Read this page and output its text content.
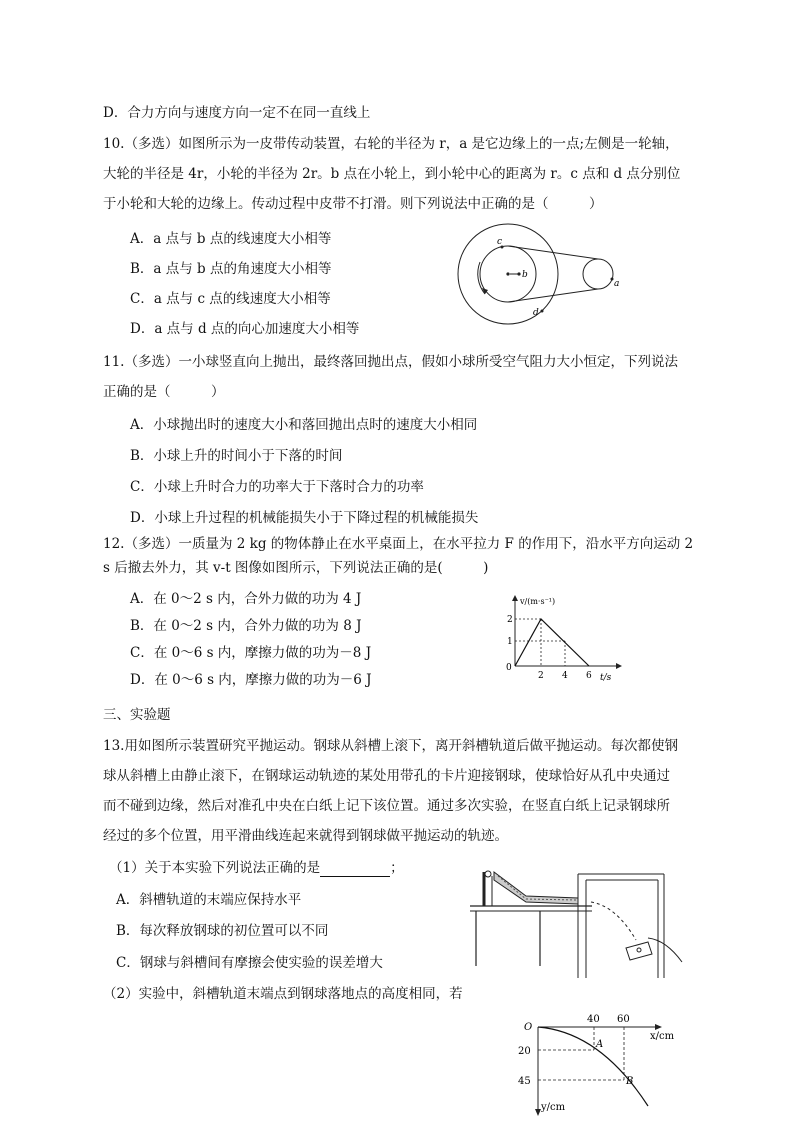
D．合力方向与速度方向一定不在同一直线上
10.（多选）如图所示为一皮带传动装置，右轮的半径为 r，a 是它边缘上的一点;左侧是一轮轴，
大轮的半径是 4r，小轮的半径为 2r。b 点在小轮上，到小轮中心的距离为 r。c 点和 d 点分别位
于小轮和大轮的边缘上。传动过程中皮带不打滑。则下列说法中正确的是（　　　）
A．a 点与 b 点的线速度大小相等
B．a 点与 b 点的角速度大小相等
C．a 点与 c 点的线速度大小相等
D．a 点与 d 点的向心加速度大小相等
b
c
a
d
11.（多选）一小球竖直向上抛出，最终落回抛出点，假如小球所受空气阻力大小恒定，下列说法
正确的是（　　　）
A．小球抛出时的速度大小和落回抛出点时的速度大小相同
B．小球上升的时间小于下落的时间
C．小球上升时合力的功率大于下落时合力的功率
D．小球上升过程的机械能损失小于下降过程的机械能损失
12.（多选）一质量为 2 kg 的物体静止在水平桌面上，在水平拉力 F 的作用下，沿水平方向运动 2
s 后撤去外力，其 v-t 图像如图所示，下列说法正确的是(　　　)
A．在 0～2 s 内，合外力做的功为 4 J
B．在 0～2 s 内，合外力做的功为 8 J
C．在 0～6 s 内，摩擦力做的功为－8 J
D．在 0～6 s 内，摩擦力做的功为－6 J
v/(m·s⁻¹)
t/s
0
1
2
2 4 6
三、实验题
13.用如图所示装置研究平抛运动。钢球从斜槽上滚下，离开斜槽轨道后做平抛运动。每次都使钢
球从斜槽上由静止滚下，在钢球运动轨迹的某处用带孔的卡片迎接钢球，使球恰好从孔中央通过
而不碰到边缘，然后对准孔中央在白纸上记下该位置。通过多次实验，在竖直白纸上记录钢球所
经过的多个位置，用平滑曲线连起来就得到钢球做平抛运动的轨迹。
（1）关于本实验下列说法正确的是	；
A．斜槽轨道的末端应保持水平
B．每次释放钢球的初位置可以不同
C．钢球与斜槽间有摩擦会使实验的误差增大
（2）实验中，斜槽轨道末端点到钢球落地点的高度相同，若
O
x/cm
y/cm
40 60
20
45
A
B
